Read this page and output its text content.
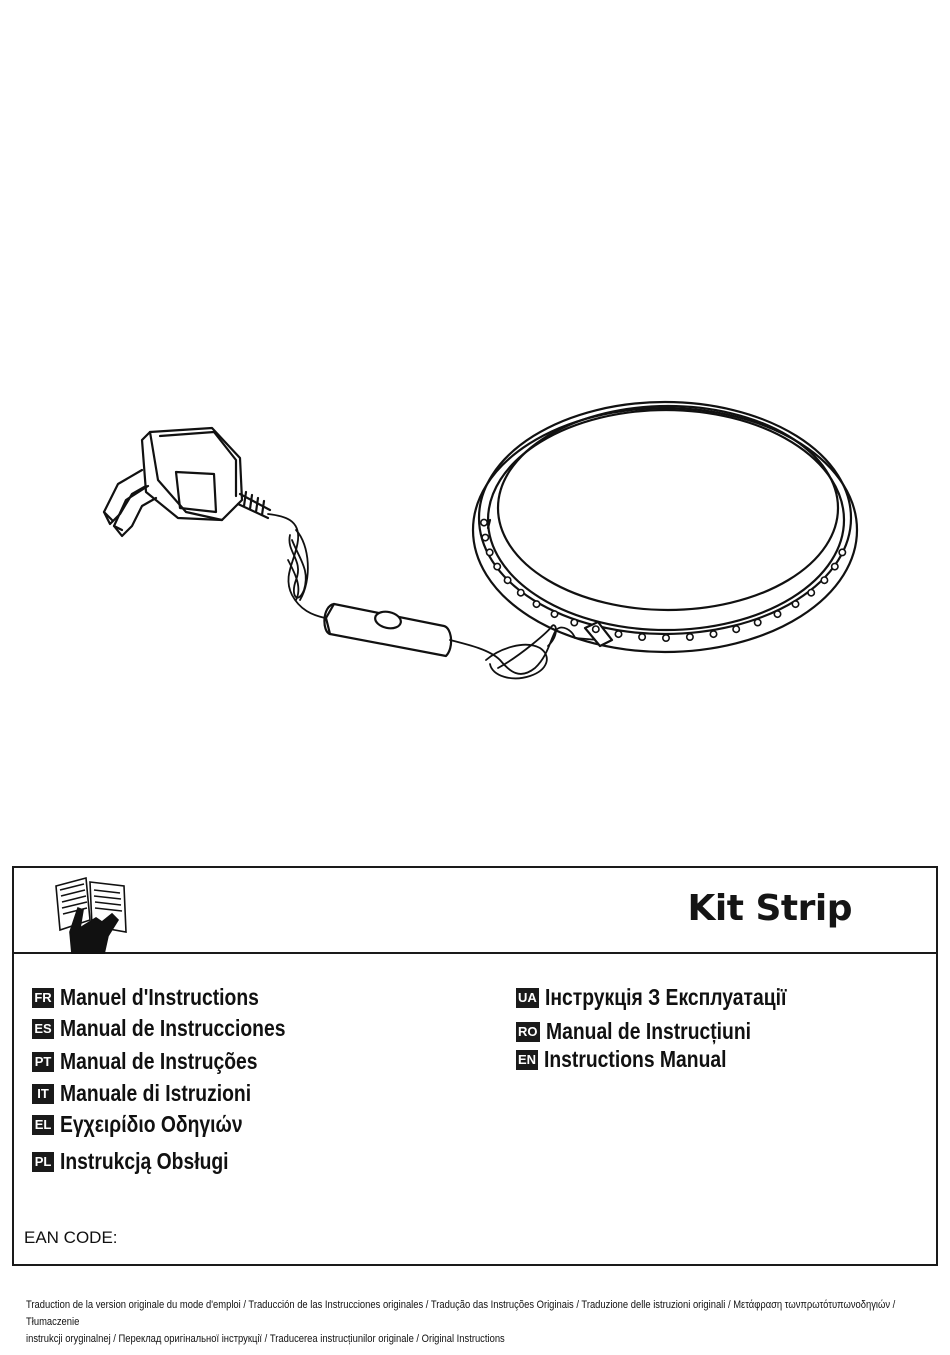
Kit Strip
FR Manuel d'Instructions
ES Manual de Instrucciones
PT Manual de Instruções
IT Manuale di Istruzioni
EL Εγχειρίδιο Οδηγιών
PL Instrukcją Obsługi
UA Інструкція З Експлуатації
RO Manual de Instrucțiuni
EN Instructions Manual
EAN CODE:
Traduction de la version originale du mode d'emploi / Traducción de las Instrucciones originales / Tradução das Instruções Originais / Traduzione delle istruzioni originali / Μετάφραση τωνπρωτότυπωνοδηγιών / Tłumaczenie
instrukcji oryginalnej / Переклад оригінальної інструкції / Traducerea instrucțiunilor originale / Original Instructions
